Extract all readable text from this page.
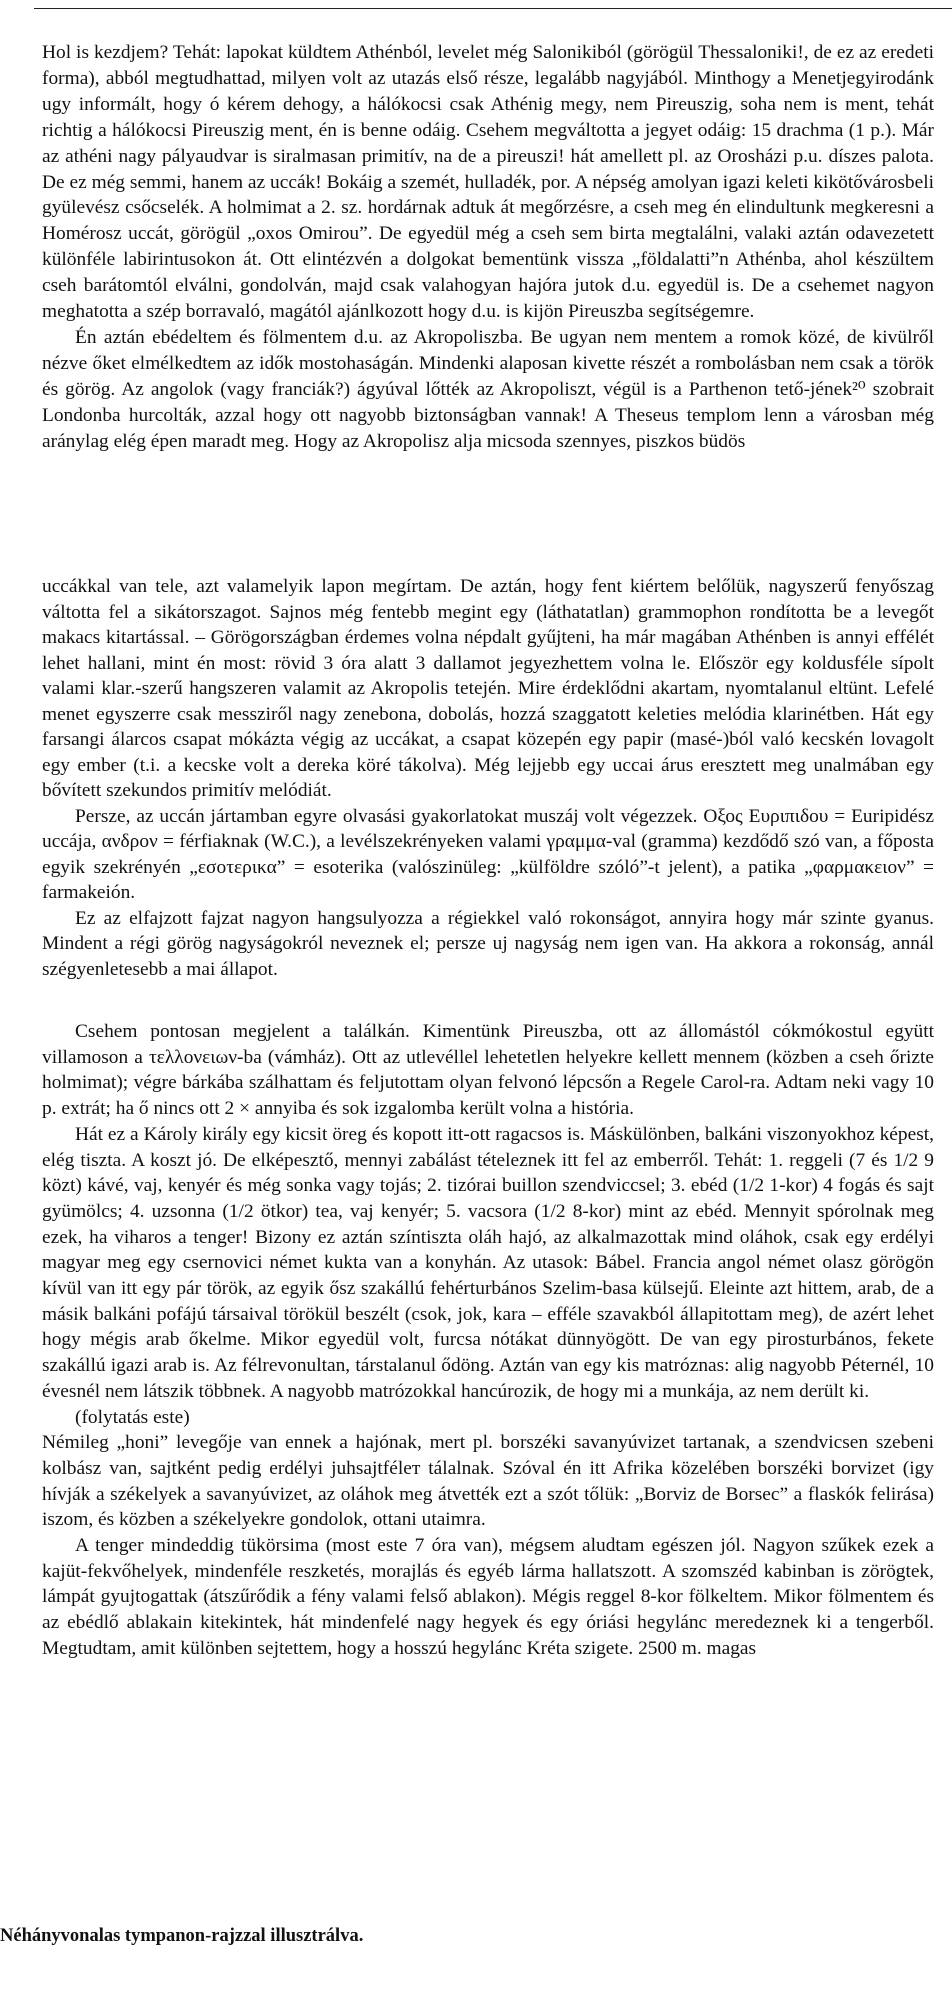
Hol is kezdjem? Tehát: lapokat küldtem Athénból, levelet még Salonikiból (görögül Thessaloniki!, de ez az eredeti forma), abból megtudhattad, milyen volt az utazás első része, legalább nagyjából. Minthogy a Menetjegyirodánk ugy informált, hogy ó kérem dehogy, a hálókocsi csak Athénig megy, nem Pireuszig, soha nem is ment, tehát richtig a hálókocsi Pireuszig ment, én is benne odáig. Csehem megváltotta a jegyet odáig: 15 drachma (1 p.). Már az athéni nagy pályaudvar is siralmasan primitív, na de a pireuszi! hát amellett pl. az Orosházi p.u. díszes palota. De ez még semmi, hanem az uccák! Bokáig a szemét, hulladék, por. A népség amolyan igazi keleti kikötővárosbeli gyülevész csőcselék. A holmimat a 2. sz. hordárnak adtuk át megőrzésre, a cseh meg én elindultunk megkeresni a Homérosz uccát, görögül „oxos Omirou”. De egyedül még a cseh sem birta megtalálni, valaki aztán odavezetett különféle labirintusokon át. Ott elintézvén a dolgokat bementünk vissza „földalatti”n Athénba, ahol készültem cseh barátomtól elválni, gondolván, majd csak valahogyan hajóra jutok d.u. egyedül is. De a csehemet nagyon meghatotta a szép borravaló, magától ajánlkozott hogy d.u. is kijön Pireuszba segítségemre.

Én aztán ebédeltem és fölmentem d.u. az Akropoliszba. Be ugyan nem mentem a romok közé, de kivülről nézve őket elmélkedtem az idők mostohaságán. Mindenki alaposan kivette részét a rombolásban nem csak a török és görög. Az angolok (vagy franciák?) ágyúval lőtték az Akropoliszt, végül is a Parthenon tető-jének²⁰ szobrait Londonba hurcolták, azzal hogy ott nagyobb biztonságban vannak! A Theseus templom lenn a városban még aránylag elég épen maradt meg. Hogy az Akropolisz alja micsoda szennyes, piszkos büdös

uccákkal van tele, azt valamelyik lapon megírtam. De aztán, hogy fent kiértem belőlük, nagyszerű fenyőszag váltotta fel a sikátorszagot. Sajnos még fentebb megint egy (láthatatlan) grammophon rondította be a levegőt makacs kitartással. – Görögországban érdemes volna népdalt gyűjteni, ha már magában Athénben is annyi effélét lehet hallani, mint én most: rövid 3 óra alatt 3 dallamot jegyezhettem volna le. Először egy koldusféle sípolt valami klar.-szerű hangszeren valamit az Akropolis tetején. Mire érdeklődni akartam, nyomtalanul eltünt. Lefelé menet egyszerre csak messziről nagy zenebona, dobolás, hozzá szaggatott keleties melódia klarinétben. Hát egy farsangi álarcos csapat mókázta végig az uccákat, a csapat közepén egy papir (masé-)ból való kecskén lovagolt egy ember (t.i. a kecske volt a dereka köré tákolva). Még lejjebb egy uccai árus eresztett meg unalmában egy bővített szekundos primitív melódiát.

Persze, az uccán jártamban egyre olvasási gyakorlatokat muszáj volt végezzek. Οξος Ευριπιδου = Euripidész uccája, ανδρον = férfiaknak (W.C.), a levélszekrényeken valami γραμμα-val (gramma) kezdődő szó van, a főposta egyik szekrényén „εσοτερικα” = esoterika (valószinüleg: „külföldre szóló”-t jelent), a patika „φαρμακειον” = farmakeión.

Ez az elfajzott fajzat nagyon hangsulyozza a régiekkel való rokonságot, annyira hogy már szinte gyanus. Mindent a régi görög nagyságokról neveznek el; persze uj nagyság nem igen van. Ha akkora a rokonság, annál szégyenletesebb a mai állapot.

Csehem pontosan megjelent a találkán. Kimentünk Pireuszba, ott az állomástól cókmókostul együtt villamoson a τελλονειων-ba (vámház). Ott az utlevéllel lehetetlen helyekre kellett mennem (közben a cseh őrizte holmimat); végre bárkába szálhattam és feljutottam olyan felvonó lépcsőn a Regele Carol-ra. Adtam neki vagy 10 p. extrát; ha ő nincs ott 2 × annyiba és sok izgalomba került volna a história.

Hát ez a Károly király egy kicsit öreg és kopott itt-ott ragacsos is. Máskülönben, balkáni viszonyokhoz képest, elég tiszta. A koszt jó. De elképesztő, mennyi zabálást tételeznek itt fel az emberről. Tehát: 1. reggeli (7 és 1/2 9 közt) kávé, vaj, kenyér és még sonka vagy tojás; 2. tizórai buillon szendviccsel; 3. ebéd (1/2 1-kor) 4 fogás és sajt gyümölcs; 4. uzsonna (1/2 ötkor) tea, vaj kenyér; 5. vacsora (1/2 8-kor) mint az ebéd. Mennyit spórolnak meg ezek, ha viharos a tenger! Bizony ez aztán színtiszta oláh hajó, az alkalmazottak mind oláhok, csak egy erdélyi magyar meg egy csernovici német kukta van a konyhán. Az utasok: Bábel. Francia angol német olasz görögön kívül van itt egy pár török, az egyik ősz szakállú fehérturbános Szelim-basa külsejű. Eleinte azt hittem, arab, de a másik balkáni pofájú társaival törökül beszélt (csok, jok, kara – efféle szavakból állapitottam meg), de azért lehet hogy mégis arab őkelme. Mikor egyedül volt, furcsa nótákat dünnyögött. De van egy pirosturbános, fekete szakállú igazi arab is. Az félrevonultan, társtalanul ődöng. Aztán van egy kis matróznas: alig nagyobb Péternél, 10 évesnél nem látszik többnek. A nagyobb matrózokkal hancúrozik, de hogy mi a munkája, az nem derült ki.

(folytatás este)

Némileg „honi” levegője van ennek a hajónak, mert pl. borszéki savanyúvizet tartanak, a szendvicsen szebeni kolbász van, sajtként pedig erdélyi juhsajtféleт tálalnak. Szóval én itt Afrika közelében borszéki borvizet (igy hívják a székelyek a savanyúvizet, az oláhok meg átvették ezt a szót tőlük: „Borviz de Borsec” a flaskók felirása) iszom, és közben a székelyekre gondolok, ottani utaimra.

A tenger mindeddig tükörsima (most este 7 óra van), mégsem aludtam egészen jól. Nagyon szűkek ezek a kajüt-fekvőhelyek, mindenféle reszketés, morajlás és egyéb lárma hallatszott. A szomszéd kabinban is zörögtek, lámpát gyujtogattak (átszűrődik a fény valami felső ablakon). Mégis reggel 8-kor fölkeltem. Mikor fölmentem és az ebédlő ablakain kitekintek, hát mindenfelé nagy hegyek és egy óriási hegylánc meredeznek ki a tengerből. Megtudtam, amit különben sejtettem, hogy a hosszú hegylánc Kréta szigete. 2500 m. magas

Néhányvonalas tympanon-rajzzal illusztrálva.
